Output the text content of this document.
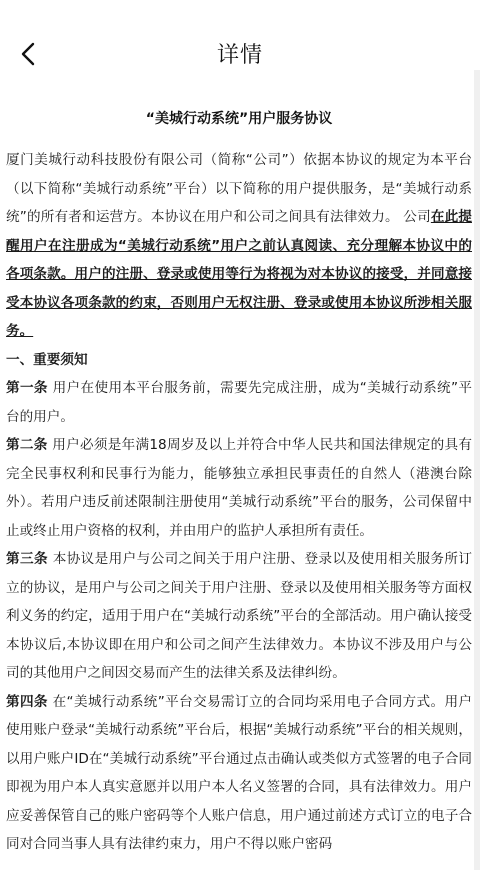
详情
“美城行动系统”用户服务协议

厦门美城行动科技股份有限公司（简称“公司”）依据本协议的规定为本平台（以下简称“美城行动系统”平台）以下简称的用户提供服务，是“美城行动系统”的所有者和运营方。本协议在用户和公司之间具有法律效力。 公司在此提醒用户在注册成为“美城行动系统”用户之前认真阅读、充分理解本协议中的各项条款。用户的注册、登录或使用等行为将视为对本协议的接受，并同意接受本协议各项条款的约束，否则用户无权注册、登录或使用本协议所涉相关服务。

一、重要须知

第一条 用户在使用本平台服务前，需要先完成注册，成为“美城行动系统”平台的用户。

第二条 用户必须是年满18周岁及以上并符合中华人民共和国法律规定的具有完全民事权利和民事行为能力，能够独立承担民事责任的自然人（港澳台除外）。若用户违反前述限制注册使用“美城行动系统”平台的服务，公司保留中止或终止用户资格的权利，并由用户的监护人承担所有责任。

第三条 本协议是用户与公司之间关于用户注册、登录以及使用相关服务所订立的协议，是用户与公司之间关于用户注册、登录以及使用相关服务等方面权利义务的约定，适用于用户在“美城行动系统”平台的全部活动。用户确认接受本协议后,本协议即在用户和公司之间产生法律效力。本协议不涉及用户与公司的其他用户之间因交易而产生的法律关系及法律纠纷。

第四条 在“美城行动系统”平台交易需订立的合同均采用电子合同方式。用户使用账户登录“美城行动系统”平台后，根据“美城行动系统”平台的相关规则，以用户账户ID在“美城行动系统”平台通过点击确认或类似方式签署的电子合同即视为用户本人真实意愿并以用户本人名义签署的合同，具有法律效力。用户应妥善保管自己的账户密码等个人账户信息，用户通过前述方式订立的电子合同对合同当事人具有法律约束力，用户不得以账户密码
